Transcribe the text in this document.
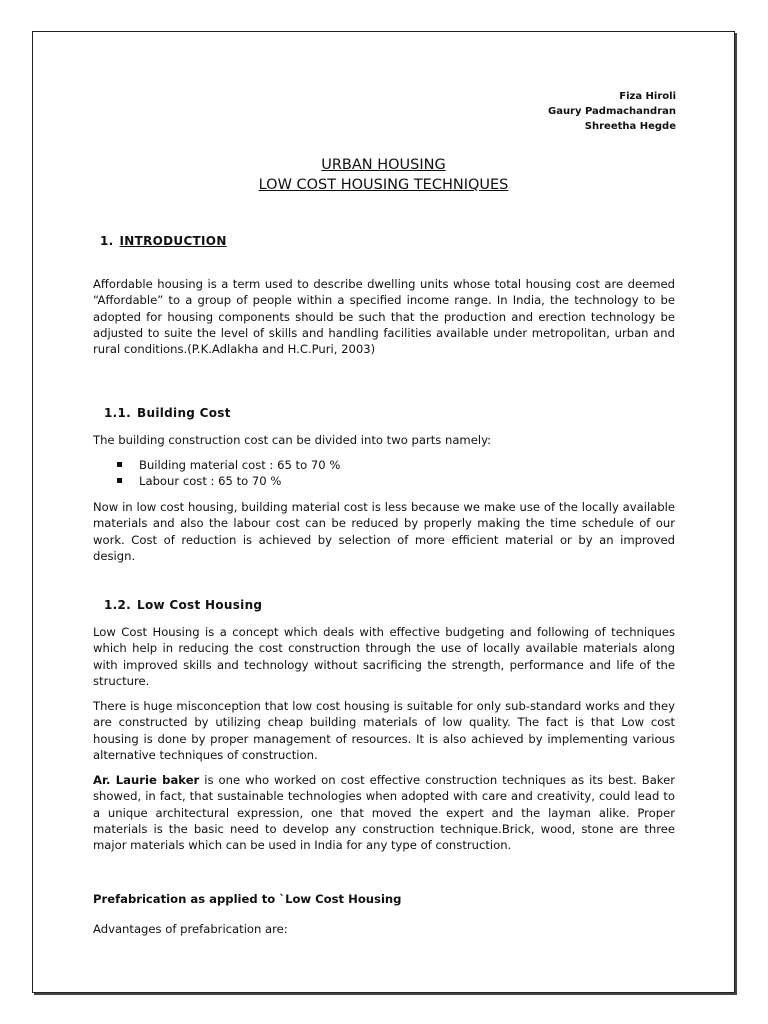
Fiza Hiroli
Gaury Padmachandran
Shreetha Hegde
URBAN HOUSING
LOW COST HOUSING TECHNIQUES
1. INTRODUCTION
Affordable housing is a term used to describe dwelling units whose total housing cost are deemed “Affordable” to a group of people within a specified income range. In India, the technology to be adopted for housing components should be such that the production and erection technology be adjusted to suite the level of skills and handling facilities available under metropolitan, urban and rural conditions.(P.K.Adlakha and H.C.Puri, 2003)
1.1. Building Cost
The building construction cost can be divided into two parts namely:
Building material cost : 65 to 70 %
Labour cost : 65 to 70 %
Now in low cost housing, building material cost is less because we make use of the locally available materials and also the labour cost can be reduced by properly making the time schedule of our work. Cost of reduction is achieved by selection of more efficient material or by an improved design.
1.2. Low Cost Housing
Low Cost Housing is a concept which deals with effective budgeting and following of techniques which help in reducing the cost construction through the use of locally available materials along with improved skills and technology without sacrificing the strength, performance and life of the structure.
There is huge misconception that low cost housing is suitable for only sub-standard works and they are constructed by utilizing cheap building materials of low quality. The fact is that Low cost housing is done by proper management of resources. It is also achieved by implementing various alternative techniques of construction.
Ar. Laurie baker is one who worked on cost effective construction techniques as its best. Baker showed, in fact, that sustainable technologies when adopted with care and creativity, could lead to a unique architectural expression, one that moved the expert and the layman alike. Proper materials is the basic need to develop any construction technique.Brick, wood, stone are three major materials which can be used in India for any type of construction.
Prefabrication as applied to `Low Cost Housing
Advantages of prefabrication are:
